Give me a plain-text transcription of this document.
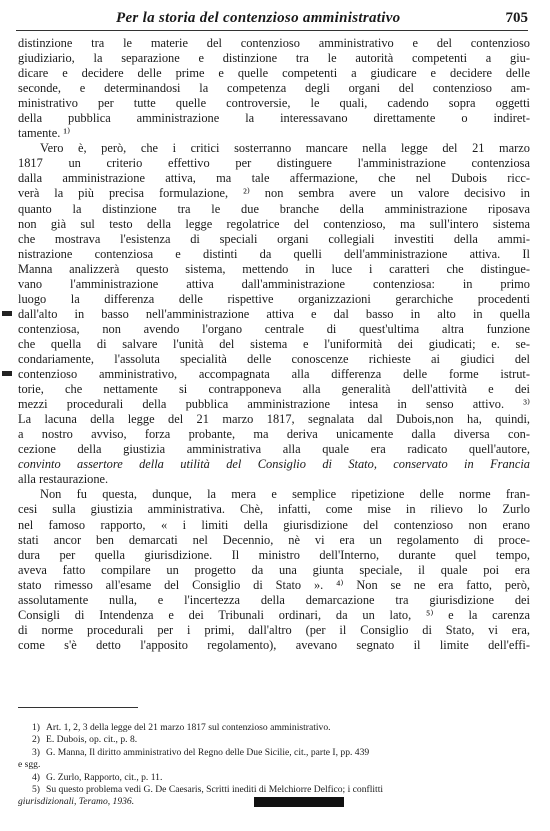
Per la storia del contenzioso amministrativo	705
distinzione tra le materie del contenzioso amministrativo e del contenzioso
giudiziario, la separazione e distinzione tra le autorità competenti a giu-
dicare e decidere delle prime e quelle competenti a giudicare e decidere delle
seconde, e determinandosi la competenza degli organi del contenzioso am-
ministrativo per tutte quelle controversie, le quali, cadendo sopra oggetti
della pubblica amministrazione la interessavano direttamente o indiret-
tamente. ¹⁾
Vero è, però, che i critici sosterranno mancare nella legge del 21 marzo
1817 un criterio effettivo per distinguere l'amministrazione contenziosa
dalla amministrazione attiva, ma tale affermazione, che nel Dubois ricc-
verà la più precisa formulazione, ²⁾ non sembra avere un valore decisivo in
quanto la distinzione tra le due branche della amministrazione riposava
non già sul testo della legge regolatrice del contenzioso, ma sull'intero sistema
che mostrava l'esistenza di speciali organi collegiali investiti della ammi-
nistrazione contenziosa e distinti da quelli dell'amministrazione attiva. Il
Manna analizzerà questo sistema, mettendo in luce i caratteri che distingue-
vano l'amministrazione attiva dall'amministrazione contenziosa: in primo
luogo la differenza delle rispettive organizzazioni gerarchiche procedenti
dall'alto in basso nell'amministrazione attiva e dal basso in alto in quella
contenziosa, non avendo l'organo centrale di quest'ultima altra funzione
che quella di salvare l'unità del sistema e l'uniformità dei giudicati; e. se-
condariamente, l'assoluta specialità delle conoscenze richieste ai giudici del
contenzioso amministrativo, accompagnata alla differenza delle forme istrut-
torie, che nettamente si contrapponeva alla generalità dell'attività e dei
mezzi procedurali della pubblica amministrazione intesa in senso attivo. ³⁾
La lacuna della legge del 21 marzo 1817, segnalata dal Dubois,non ha, quindi,
a nostro avviso, forza probante, ma deriva unicamente dalla diversa con-
cezione della giustizia amministrativa alla quale era radicato quell'autore,
convinto assertore della utilità del Consiglio di Stato, conservato in Francia
alla restaurazione.
Non fu questa, dunque, la mera e semplice ripetizione delle norme fran-
cesi sulla giustizia amministrativa. Chè, infatti, come mise in rilievo lo Zurlo
nel famoso rapporto, « i limiti della giurisdizione del contenzioso non erano
stati ancor ben demarcati nel Decennio, nè vi era un regolamento di proce-
dura per quella giurisdizione. Il ministro dell'Interno, durante quel tempo,
aveva fatto compilare un progetto da una giunta speciale, il quale poi era
stato rimesso all'esame del Consiglio di Stato ». ⁴⁾ Non se ne era fatto, però,
assolutamente nulla, e l'incertezza della demarcazione tra giurisdizione dei
Consigli di Intendenza e dei Tribunali ordinari, da un lato, ⁵⁾ e la carenza
di norme procedurali per i primi, dall'altro (per il Consiglio di Stato, vi era,
come s'è detto l'apposito regolamento), avevano segnato il limite dell'effi-
1) Art. 1, 2, 3 della legge del 21 marzo 1817 sul contenzioso amministrativo.
2) E. Dubois, op. cit., p. 8.
3) G. Manna, Il diritto amministrativo del Regno delle Due Sicilie, cit., parte I, pp. 439
e sgg.
4) G. Zurlo, Rapporto, cit., p. 11.
5) Su questo problema vedi G. De Caesaris, Scritti inediti di Melchiorre Delfico; i conflitti
giurisdizionali, Teramo, 1936.
